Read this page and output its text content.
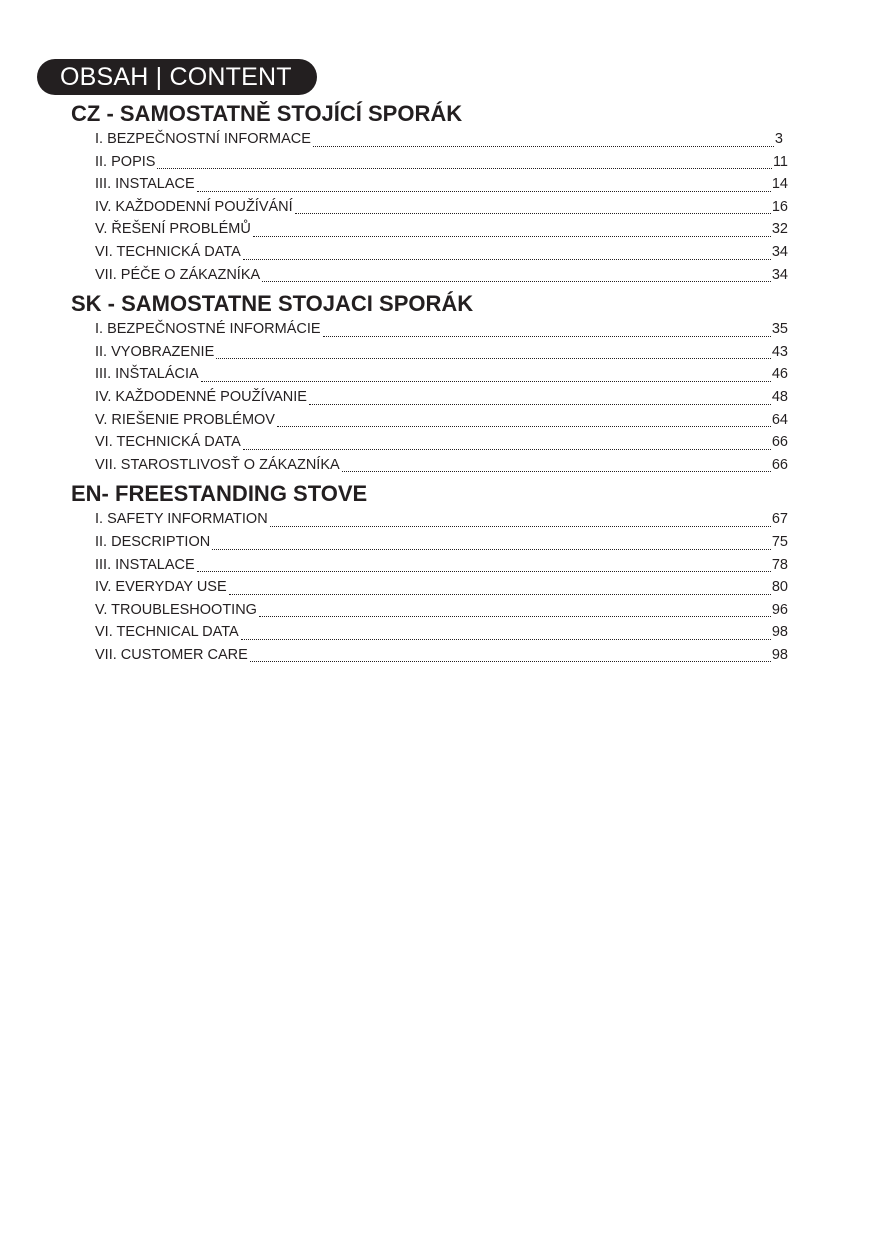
OBSAH | CONTENT
CZ - SAMOSTATNĚ STOJÍCÍ SPORÁK
I. BEZPEČNOSTNÍ INFORMACE	3
II. POPIS	11
III. INSTALACE	14
IV. KAŽDODENNÍ POUŽÍVÁNÍ	16
V. ŘEŠENÍ PROBLÉMŮ	32
VI. TECHNICKÁ DATA	34
VII. PÉČE O ZÁKAZNÍKA	34
SK - SAMOSTATNE STOJACI SPORÁK
I. BEZPEČNOSTNÉ INFORMÁCIE	35
II. VYOBRAZENIE	43
III. INŠTALÁCIA	46
IV. KAŽDODENNÉ POUŽÍVANIE	48
V. RIEŠENIE PROBLÉMOV	64
VI. TECHNICKÁ DATA	66
VII. STAROSTLIVOSŤ O ZÁKAZNÍKA	66
EN- FREESTANDING STOVE
I. SAFETY INFORMATION	67
II. DESCRIPTION	75
III. INSTALACE	78
IV. EVERYDAY USE	80
V. TROUBLESHOOTING	96
VI. TECHNICAL DATA	98
VII. CUSTOMER CARE	98
